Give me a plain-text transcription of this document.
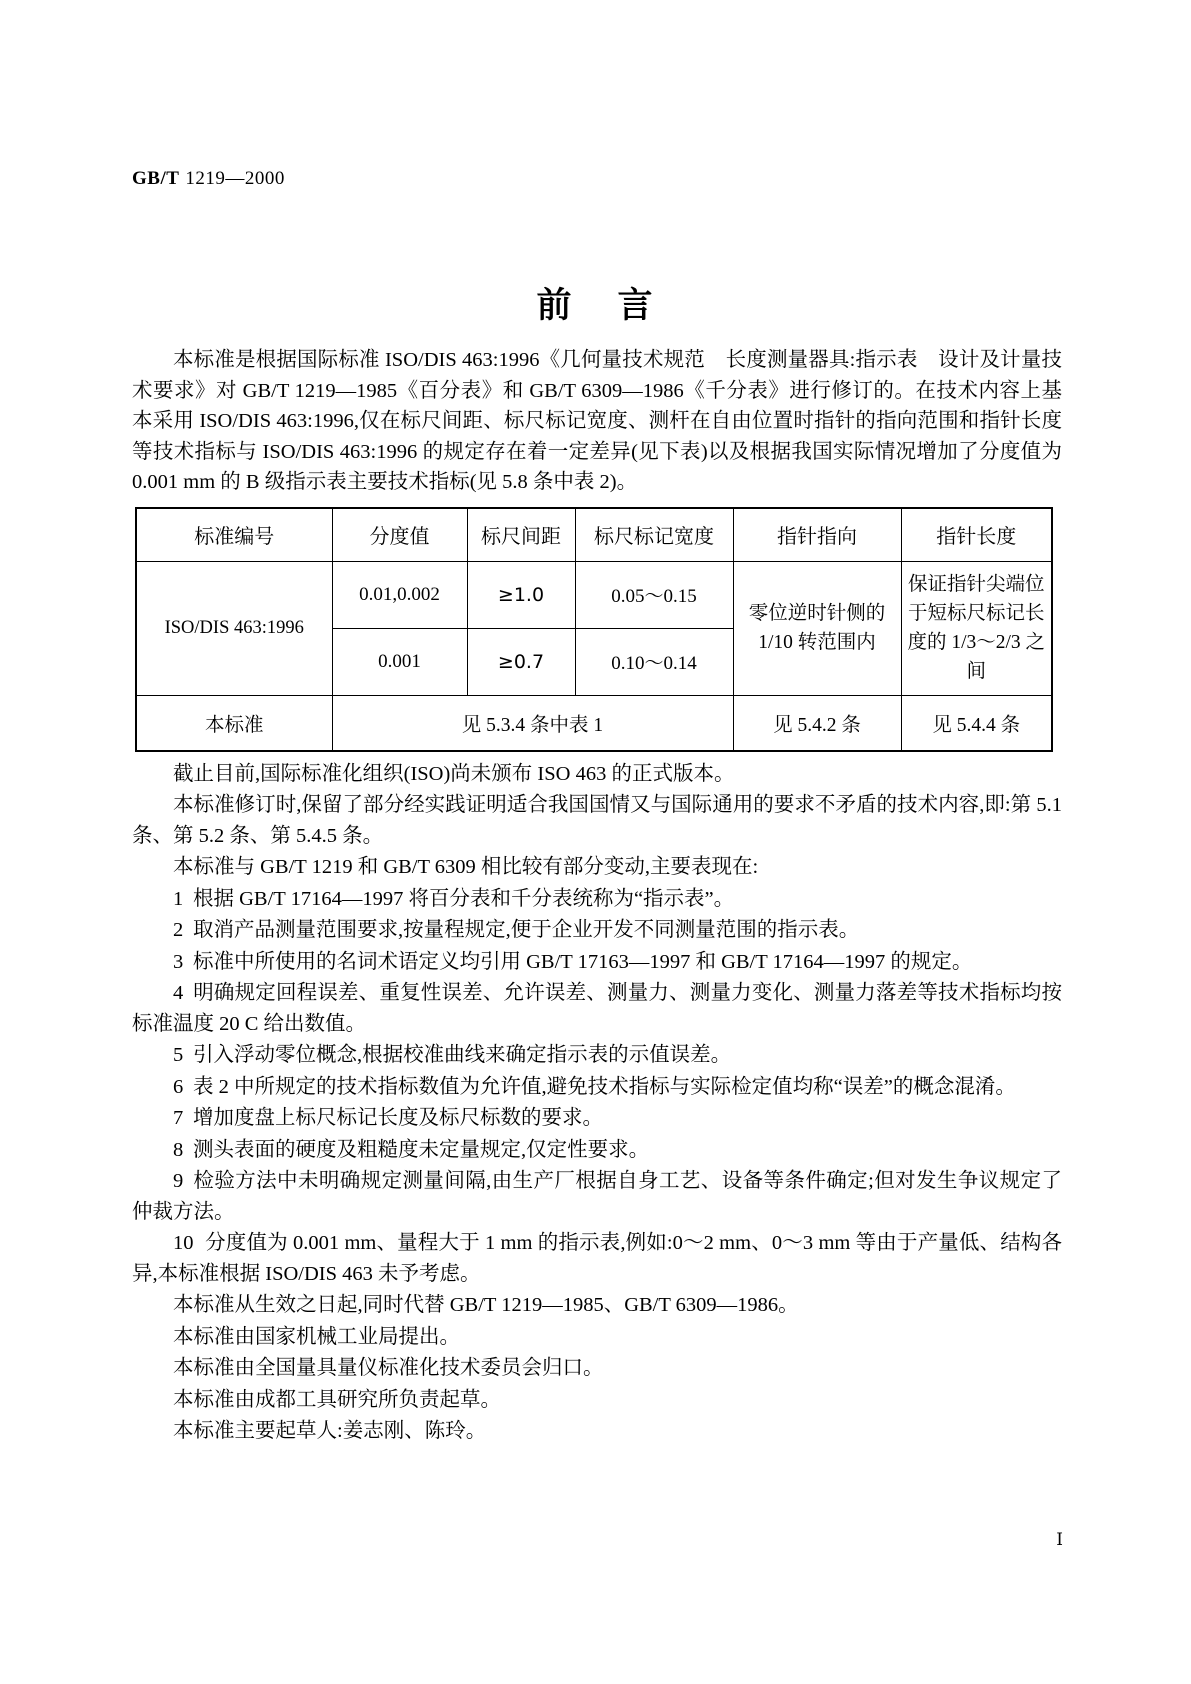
GB/T 1219—2000
前 言

本标准是根据国际标准 ISO/DIS 463:1996《几何量技术规范　长度测量器具:指示表　设计及计量技术要求》对 GB/T 1219—1985《百分表》和 GB/T 6309—1986《千分表》进行修订的。在技术内容上基本采用 ISO/DIS 463:1996,仅在标尺间距、标尺标记宽度、测杆在自由位置时指针的指向范围和指针长度等技术指标与 ISO/DIS 463:1996 的规定存在着一定差异(见下表)以及根据我国实际情况增加了分度值为 0.001 mm 的 B 级指示表主要技术指标(见 5.8 条中表 2)。

标准编号	分度值	标尺间距	标尺标记宽度	指针指向	指针长度
ISO/DIS 463:1996	0.01,0.002	≥1.0	0.05～0.15	零位逆时针侧的 1/10 转范围内	保证指针尖端位于短标尺标记长度的 1/3～2/3 之间
	0.001	≥0.7	0.10～0.14		
本标准	见 5.3.4 条中表 1			见 5.4.2 条	见 5.4.4 条

截止目前,国际标准化组织(ISO)尚未颁布 ISO 463 的正式版本。

本标准修订时,保留了部分经实践证明适合我国国情又与国际通用的要求不矛盾的技术内容,即:第 5.1 条、第 5.2 条、第 5.4.5 条。

本标准与 GB/T 1219 和 GB/T 6309 相比较有部分变动,主要表现在:

1 根据 GB/T 17164—1997 将百分表和千分表统称为“指示表”。

2 取消产品测量范围要求,按量程规定,便于企业开发不同测量范围的指示表。

3 标准中所使用的名词术语定义均引用 GB/T 17163—1997 和 GB/T 17164—1997 的规定。

4 明确规定回程误差、重复性误差、允许误差、测量力、测量力变化、测量力落差等技术指标均按标准温度 20 C 给出数值。

5 引入浮动零位概念,根据校准曲线来确定指示表的示值误差。

6 表 2 中所规定的技术指标数值为允许值,避免技术指标与实际检定值均称“误差”的概念混淆。

7 增加度盘上标尺标记长度及标尺标数的要求。

8 测头表面的硬度及粗糙度未定量规定,仅定性要求。

9 检验方法中未明确规定测量间隔,由生产厂根据自身工艺、设备等条件确定;但对发生争议规定了仲裁方法。

10 分度值为 0.001 mm、量程大于 1 mm 的指示表,例如:0～2 mm、0～3 mm 等由于产量低、结构各异,本标准根据 ISO/DIS 463 未予考虑。

本标准从生效之日起,同时代替 GB/T 1219—1985、GB/T 6309—1986。

本标准由国家机械工业局提出。

本标准由全国量具量仪标准化技术委员会归口。

本标准由成都工具研究所负责起草。

本标准主要起草人:姜志刚、陈玲。

Ⅰ
